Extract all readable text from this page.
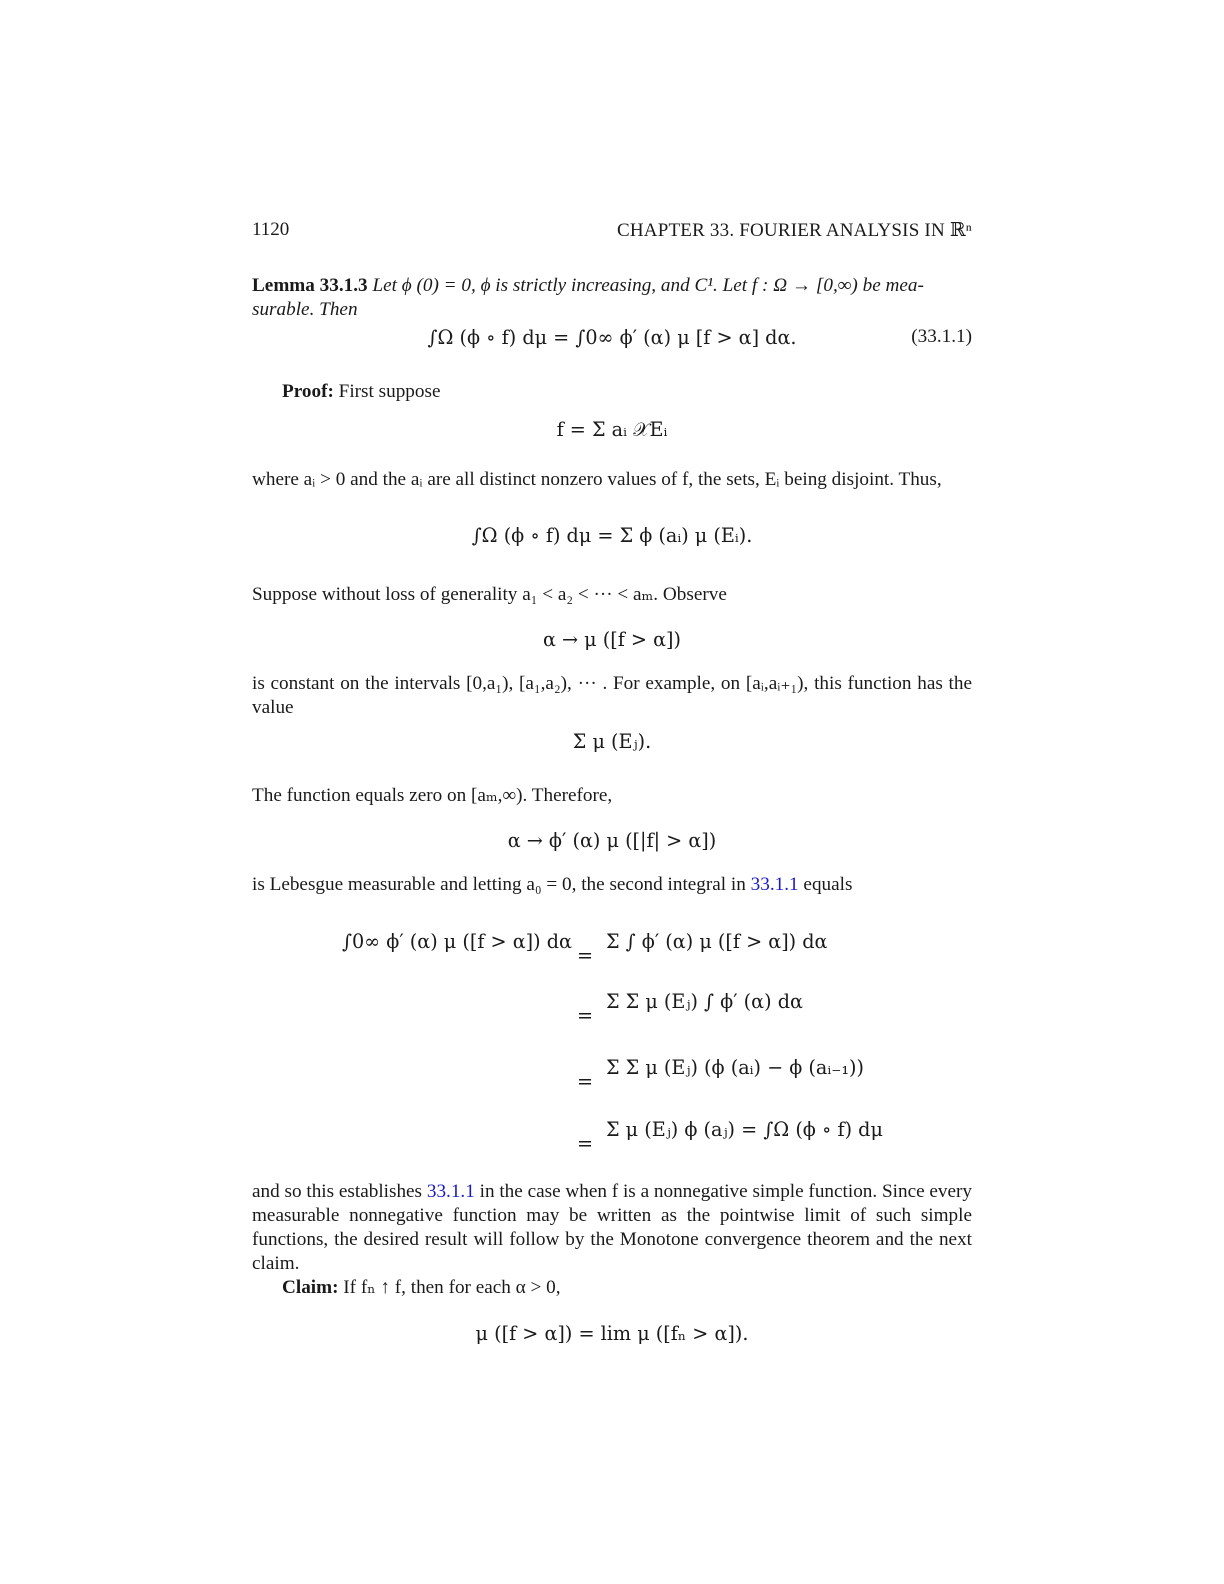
1120	CHAPTER 33. FOURIER ANALYSIS IN ℝⁿ
Lemma 33.1.3 Let ϕ (0) = 0, ϕ is strictly increasing, and C¹. Let f : Ω → [0,∞) be mea-
surable. Then
∫Ω (ϕ ∘ f) dμ = ∫0∞ ϕ′ (α) μ [f > α] dα.	(33.1.1)
Proof: First suppose
f = Σ aᵢ 𝒳Eᵢ
where aᵢ > 0 and the aᵢ are all distinct nonzero values of f, the sets, Eᵢ being disjoint. Thus,
∫Ω (ϕ ∘ f) dμ = Σ ϕ (aᵢ) μ (Eᵢ).
Suppose without loss of generality a₁ < a₂ < ··· < aₘ. Observe
α → μ ([f > α])
is constant on the intervals [0,a₁), [a₁,a₂), ··· . For example, on [aᵢ,aᵢ₊₁), this function has the value
Σ μ (Eⱼ).
The function equals zero on [aₘ,∞). Therefore,
α → ϕ′ (α) μ ([|f| > α])
is Lebesgue measurable and letting a₀ = 0, the second integral in 33.1.1 equals
∫0∞ ϕ′ (α) μ ([f > α]) dα
=
Σ ∫ ϕ′ (α) μ ([f > α]) dα
=
Σ Σ μ (Eⱼ) ∫ ϕ′ (α) dα
=
Σ Σ μ (Eⱼ) (ϕ (aᵢ) − ϕ (aᵢ₋₁))
=
Σ μ (Eⱼ) ϕ (aⱼ) = ∫Ω (ϕ ∘ f) dμ
and so this establishes 33.1.1 in the case when f is a nonnegative simple function. Since every measurable nonnegative function may be written as the pointwise limit of such simple functions, the desired result will follow by the Monotone convergence theorem and the next claim.
Claim: If fₙ ↑ f, then for each α > 0,
μ ([f > α]) = lim μ ([fₙ > α]).
